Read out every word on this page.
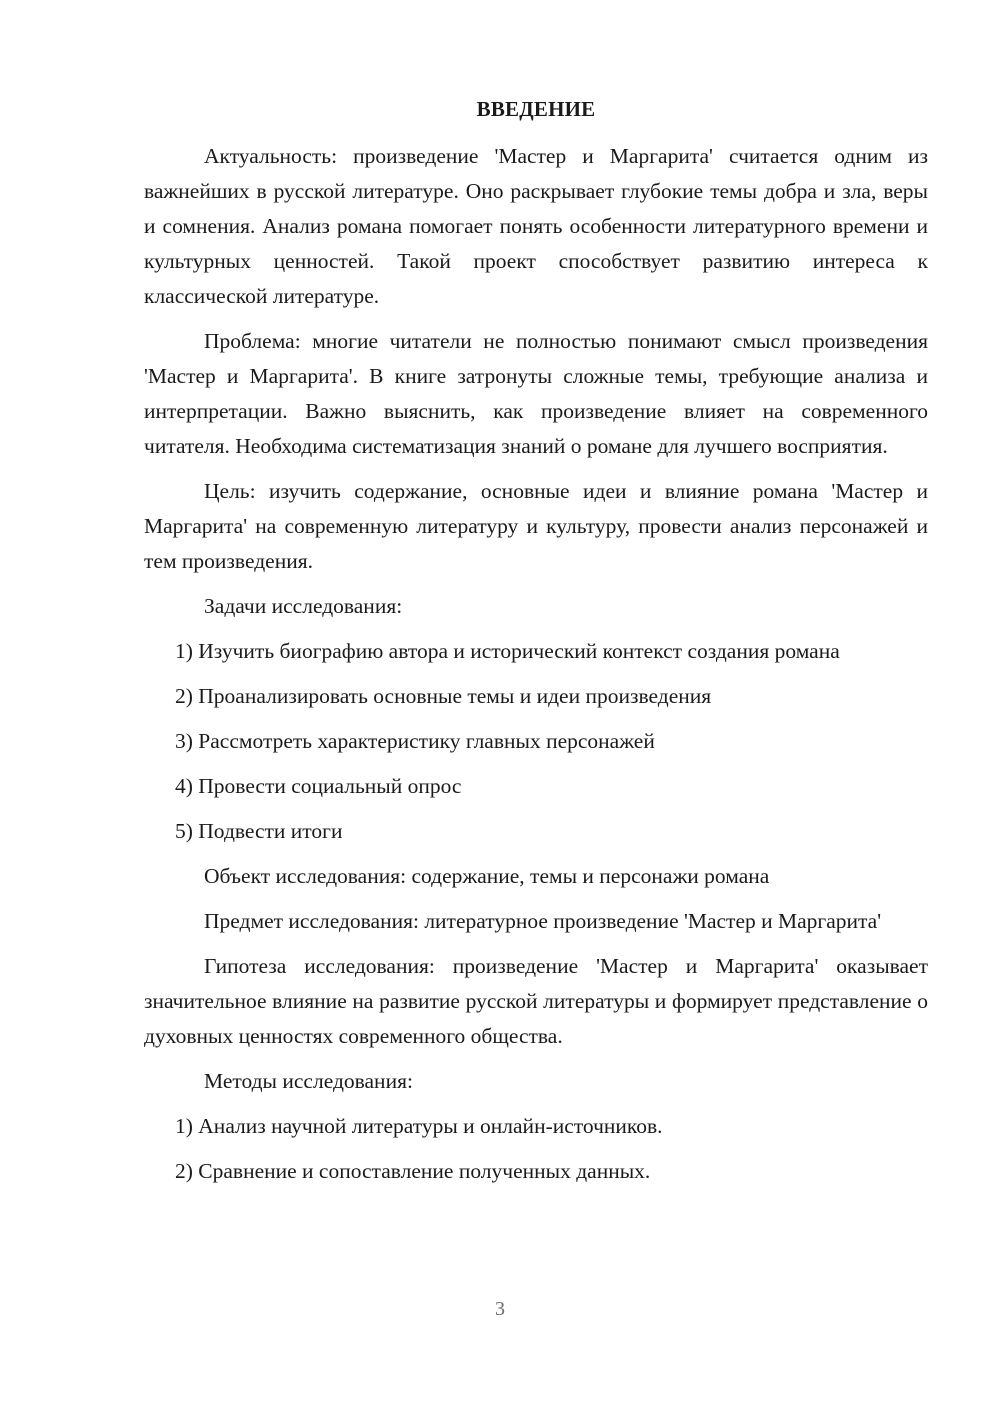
ВВЕДЕНИЕ

Актуальность: произведение 'Мастер и Маргарита' считается одним из важнейших в русской литературе. Оно раскрывает глубокие темы добра и зла, веры и сомнения. Анализ романа помогает понять особенности литературного времени и культурных ценностей. Такой проект способствует развитию интереса к классической литературе.

Проблема: многие читатели не полностью понимают смысл произведения 'Мастер и Маргарита'. В книге затронуты сложные темы, требующие анализа и интерпретации. Важно выяснить, как произведение влияет на современного читателя. Необходима систематизация знаний о романе для лучшего восприятия.

Цель: изучить содержание, основные идеи и влияние романа 'Мастер и Маргарита' на современную литературу и культуру, провести анализ персонажей и тем произведения.

Задачи исследования:

1) Изучить биографию автора и исторический контекст создания романа

2) Проанализировать основные темы и идеи произведения

3) Рассмотреть характеристику главных персонажей

4) Провести социальный опрос

5) Подвести итоги

Объект исследования: содержание, темы и персонажи романа

Предмет исследования: литературное произведение 'Мастер и Маргарита'

Гипотеза исследования: произведение 'Мастер и Маргарита' оказывает значительное влияние на развитие русской литературы и формирует представление о духовных ценностях современного общества.

Методы исследования:

1) Анализ научной литературы и онлайн-источников.

2) Сравнение и сопоставление полученных данных.

3
